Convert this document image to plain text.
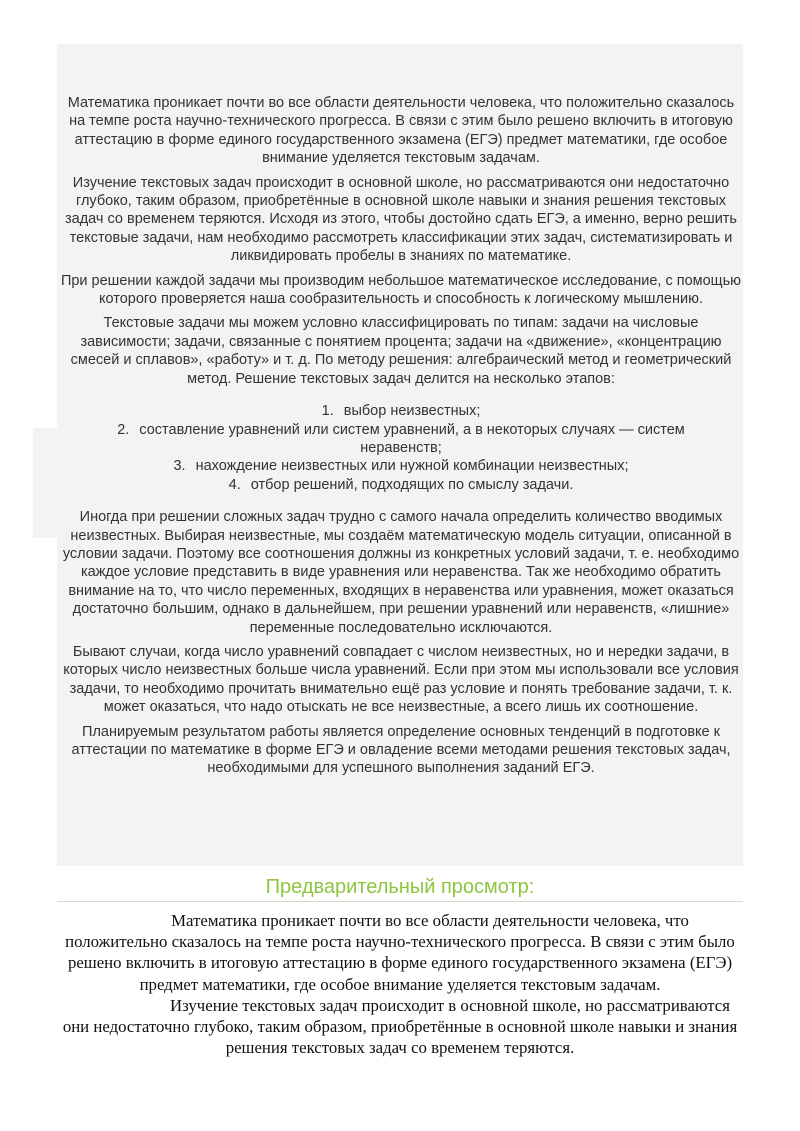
Математика проникает почти во все области деятельности человека, что положительно сказалось на темпе роста научно-технического прогресса. В связи с этим было решено включить в итоговую аттестацию в форме единого государственного экзамена (ЕГЭ) предмет математики, где особое внимание уделяется текстовым задачам.

Изучение текстовых задач происходит в основной школе, но рассматриваются они недостаточно глубоко, таким образом, приобретённые в основной школе навыки и знания решения текстовых задач со временем теряются. Исходя из этого, чтобы достойно сдать ЕГЭ, а именно, верно решить текстовые задачи, нам необходимо рассмотреть классификации этих задач, систематизировать и ликвидировать пробелы в знаниях по математике.

При решении каждой задачи мы производим небольшое математическое исследование, с помощью которого проверяется наша сообразительность и способность к логическому мышлению.

Текстовые задачи мы можем условно классифицировать по типам: задачи на числовые зависимости; задачи, связанные с понятием процента; задачи на «движение», «концентрацию смесей и сплавов», «работу» и т. д. По методу решения: алгебраический метод и геометрический метод. Решение текстовых задач делится на несколько этапов:

1. выбор неизвестных;
2. составление уравнений или систем уравнений, а в некоторых случаях — систем неравенств;
3. нахождение неизвестных или нужной комбинации неизвестных;
4. отбор решений, подходящих по смыслу задачи.

Иногда при решении сложных задач трудно с самого начала определить количество вводимых неизвестных. Выбирая неизвестные, мы создаём математическую модель ситуации, описанной в условии задачи. Поэтому все соотношения должны из конкретных условий задачи, т. е. необходимо каждое условие представить в виде уравнения или неравенства. Так же необходимо обратить внимание на то, что число переменных, входящих в неравенства или уравнения, может оказаться достаточно большим, однако в дальнейшем, при решении уравнений или неравенств, «лишние» переменные последовательно исключаются.

Бывают случаи, когда число уравнений совпадает с числом неизвестных, но и нередки задачи, в которых число неизвестных больше числа уравнений. Если при этом мы использовали все условия задачи, то необходимо прочитать внимательно ещё раз условие и понять требование задачи, т. к. может оказаться, что надо отыскать не все неизвестные, а всего лишь их соотношение.

Планируемым результатом работы является определение основных тенденций в подготовке к аттестации по математике в форме ЕГЭ и овладение всеми методами решения текстовых задач, необходимыми для успешного выполнения заданий ЕГЭ.

Предварительный просмотр:

Математика проникает почти во все области деятельности человека, что положительно сказалось на темпе роста научно-технического прогресса. В связи с этим было решено включить в итоговую аттестацию в форме единого государственного экзамена (ЕГЭ) предмет математики, где особое внимание уделяется текстовым задачам.

Изучение текстовых задач происходит в основной школе, но рассматриваются они недостаточно глубоко, таким образом, приобретённые в основной школе навыки и знания решения текстовых задач со временем теряются.
